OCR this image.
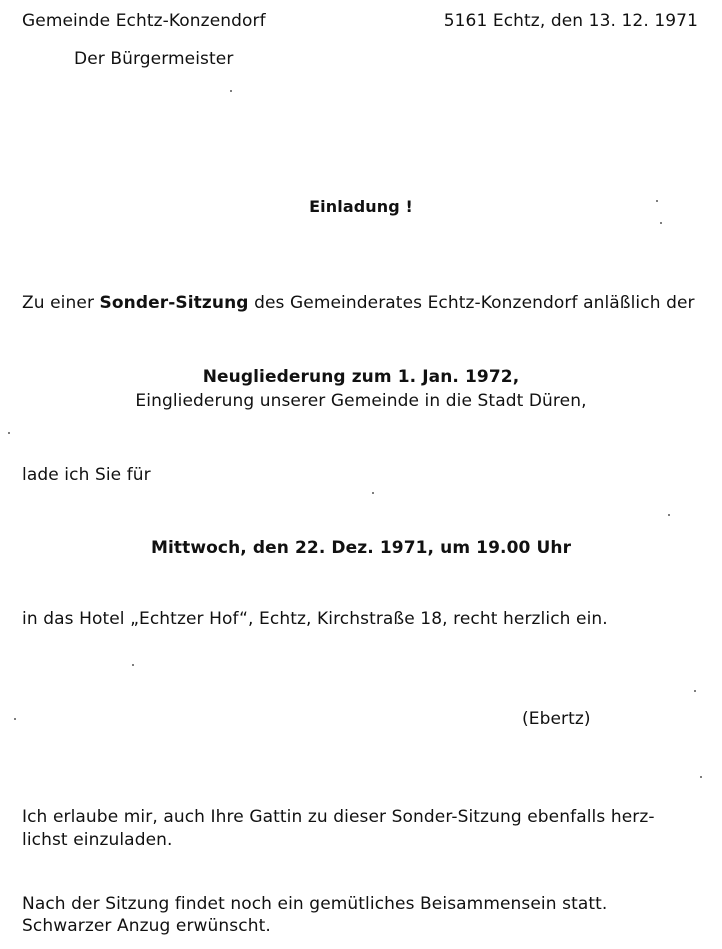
Gemeinde Echtz-Konzendorf	5161 Echtz, den 13. 12. 1971
Der Bürgermeister
Einladung !
Zu einer Sonder-Sitzung des Gemeinderates Echtz-Konzendorf anläßlich der
Neugliederung zum 1. Jan. 1972,
Eingliederung unserer Gemeinde in die Stadt Düren,
lade ich Sie für
Mittwoch, den 22. Dez. 1971, um 19.00 Uhr
in das Hotel „Echtzer Hof“, Echtz, Kirchstraße 18, recht herzlich ein.
(Ebertz)
Ich erlaube mir, auch Ihre Gattin zu dieser Sonder-Sitzung ebenfalls herz-
lichst einzuladen.
Nach der Sitzung findet noch ein gemütliches Beisammensein statt.
Schwarzer Anzug erwünscht.
